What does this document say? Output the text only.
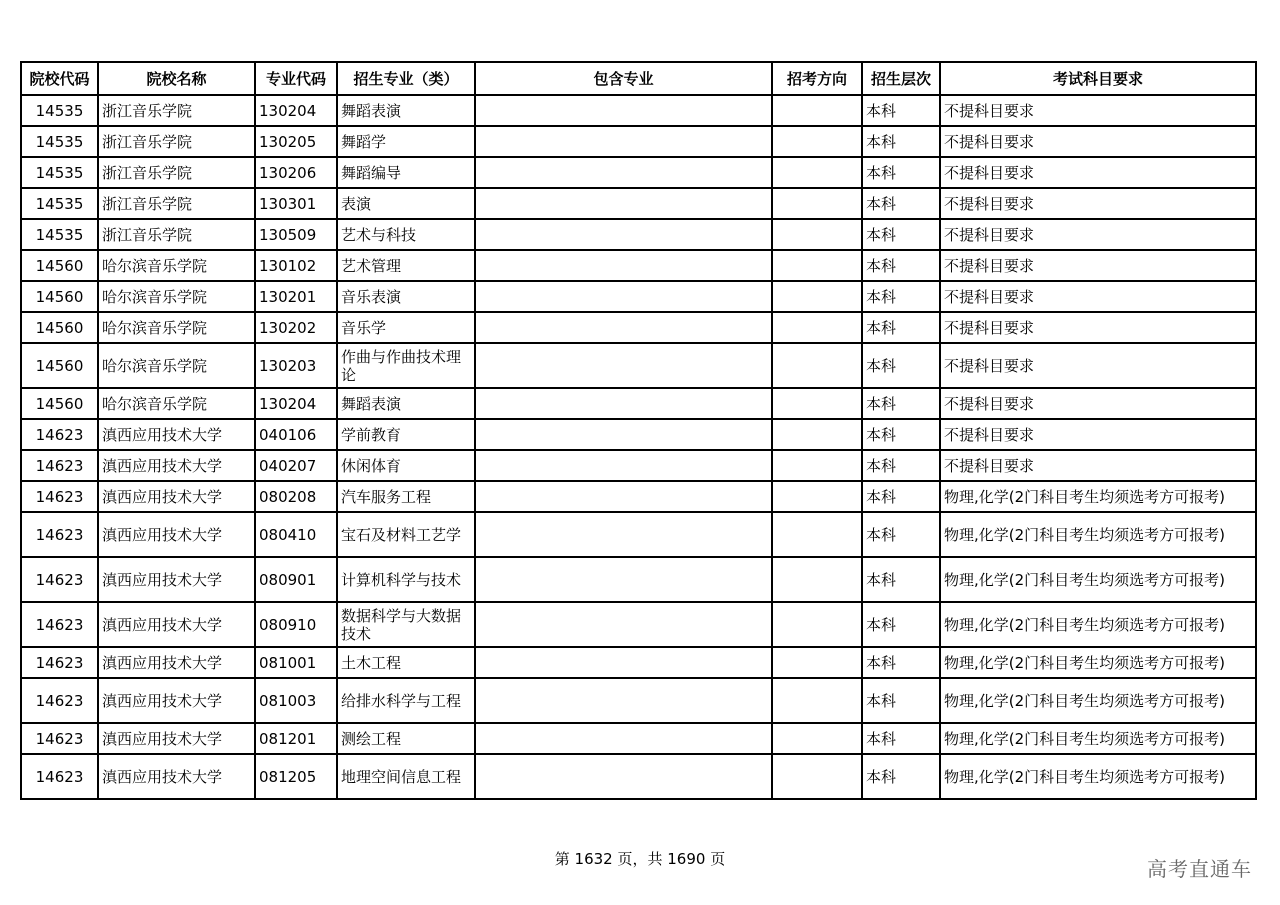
院校代码	院校名称	专业代码	招生专业（类）	包含专业	招考方向	招生层次	考试科目要求
14535	浙江音乐学院	130204	舞蹈表演			本科	不提科目要求
14535	浙江音乐学院	130205	舞蹈学			本科	不提科目要求
14535	浙江音乐学院	130206	舞蹈编导			本科	不提科目要求
14535	浙江音乐学院	130301	表演			本科	不提科目要求
14535	浙江音乐学院	130509	艺术与科技			本科	不提科目要求
14560	哈尔滨音乐学院	130102	艺术管理			本科	不提科目要求
14560	哈尔滨音乐学院	130201	音乐表演			本科	不提科目要求
14560	哈尔滨音乐学院	130202	音乐学			本科	不提科目要求
14560	哈尔滨音乐学院	130203	作曲与作曲技术理论			本科	不提科目要求
14560	哈尔滨音乐学院	130204	舞蹈表演			本科	不提科目要求
14623	滇西应用技术大学	040106	学前教育			本科	不提科目要求
14623	滇西应用技术大学	040207	休闲体育			本科	不提科目要求
14623	滇西应用技术大学	080208	汽车服务工程			本科	物理,化学(2门科目考生均须选考方可报考)
14623	滇西应用技术大学	080410	宝石及材料工艺学			本科	物理,化学(2门科目考生均须选考方可报考)
14623	滇西应用技术大学	080901	计算机科学与技术			本科	物理,化学(2门科目考生均须选考方可报考)
14623	滇西应用技术大学	080910	数据科学与大数据技术			本科	物理,化学(2门科目考生均须选考方可报考)
14623	滇西应用技术大学	081001	土木工程			本科	物理,化学(2门科目考生均须选考方可报考)
14623	滇西应用技术大学	081003	给排水科学与工程			本科	物理,化学(2门科目考生均须选考方可报考)
14623	滇西应用技术大学	081201	测绘工程			本科	物理,化学(2门科目考生均须选考方可报考)
14623	滇西应用技术大学	081205	地理空间信息工程			本科	物理,化学(2门科目考生均须选考方可报考)
第 1632 页，共 1690 页	高考直通车
